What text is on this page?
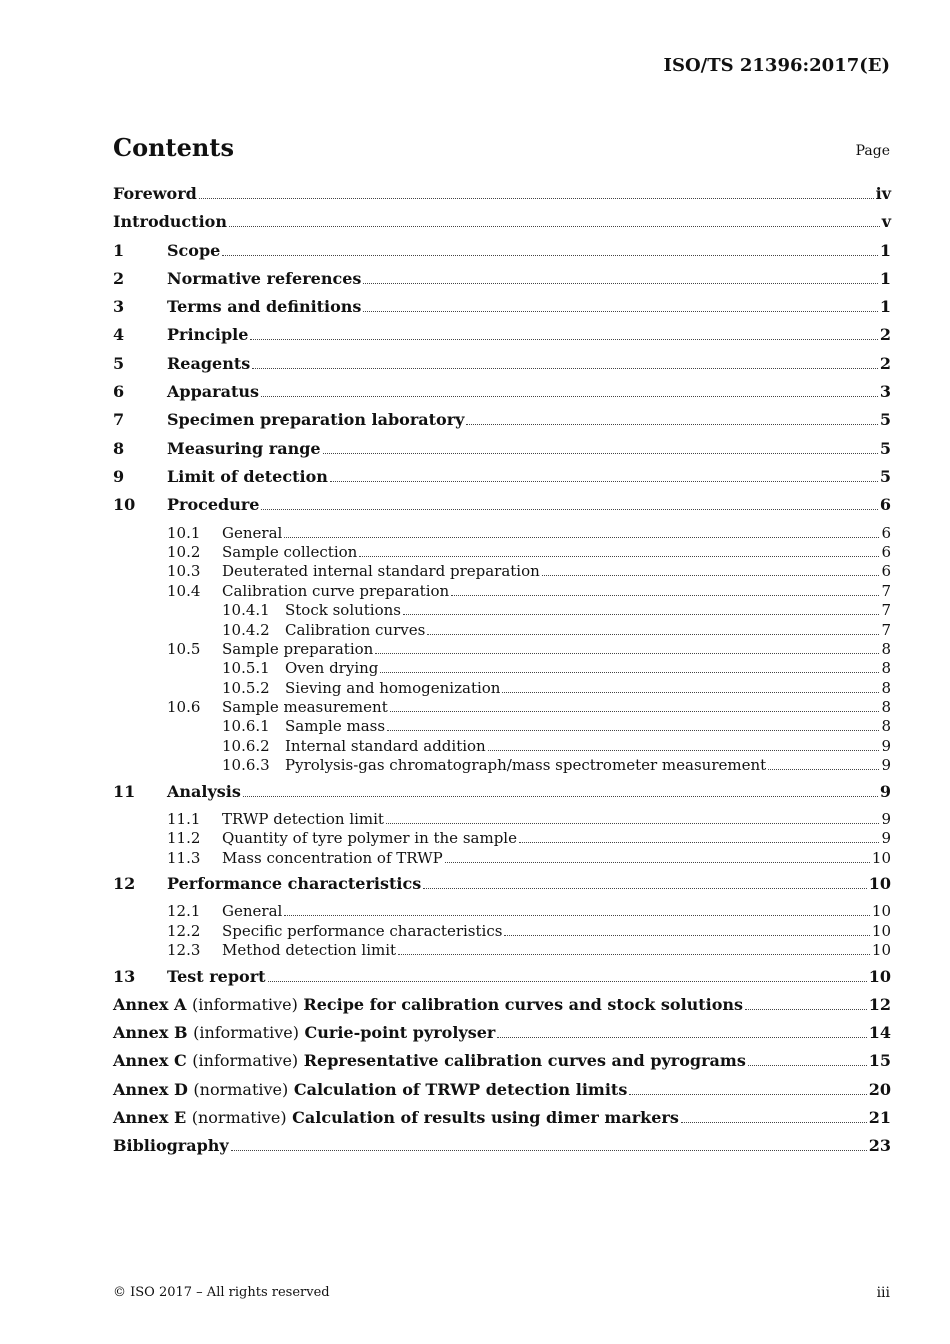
ISO/TS 21396:2017(E)
Contents	Page
Foreword	iv
Introduction	v
1	Scope	1
2	Normative references	1
3	Terms and definitions	1
4	Principle	2
5	Reagents	2
6	Apparatus	3
7	Specimen preparation laboratory	5
8	Measuring range	5
9	Limit of detection	5
10	Procedure	6
10.1	General	6
10.2	Sample collection	6
10.3	Deuterated internal standard preparation	6
10.4	Calibration curve preparation	7
10.4.1	Stock solutions	7
10.4.2	Calibration curves	7
10.5	Sample preparation	8
10.5.1	Oven drying	8
10.5.2	Sieving and homogenization	8
10.6	Sample measurement	8
10.6.1	Sample mass	8
10.6.2	Internal standard addition	9
10.6.3	Pyrolysis-gas chromatograph/mass spectrometer measurement	9
11	Analysis	9
11.1	TRWP detection limit	9
11.2	Quantity of tyre polymer in the sample	9
11.3	Mass concentration of TRWP	10
12	Performance characteristics	10
12.1	General	10
12.2	Specific performance characteristics	10
12.3	Method detection limit	10
13	Test report	10
Annex A (informative) Recipe for calibration curves and stock solutions	12
Annex B (informative) Curie-point pyrolyser	14
Annex C (informative) Representative calibration curves and pyrograms	15
Annex D (normative) Calculation of TRWP detection limits	20
Annex E (normative) Calculation of results using dimer markers	21
Bibliography	23
© ISO 2017 – All rights reserved	iii
